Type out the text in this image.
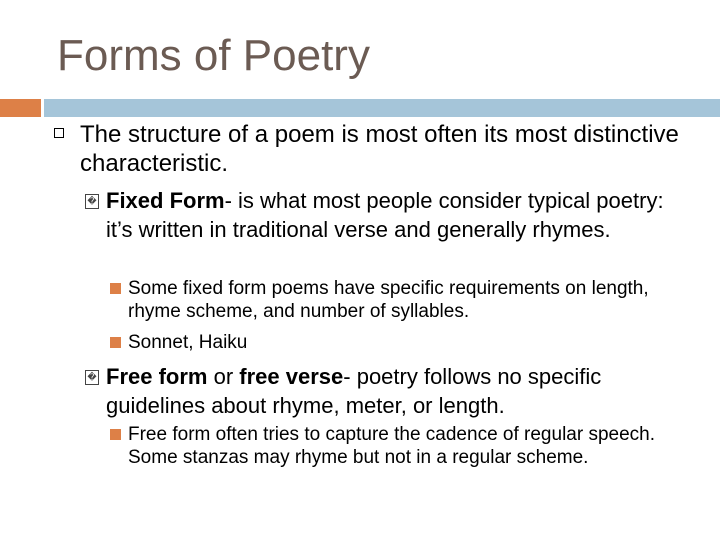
Forms of Poetry
The structure of a poem is most often its most distinctive characteristic.
� Fixed Form- is what most people consider typical poetry: it’s written in traditional verse and generally rhymes.
Some fixed form poems have specific requirements on length, rhyme scheme, and number of syllables.
Sonnet, Haiku
� Free form or free verse- poetry follows no specific guidelines about rhyme, meter, or length.
Free form often tries to capture the cadence of regular speech. Some stanzas may rhyme but not in a regular scheme.
